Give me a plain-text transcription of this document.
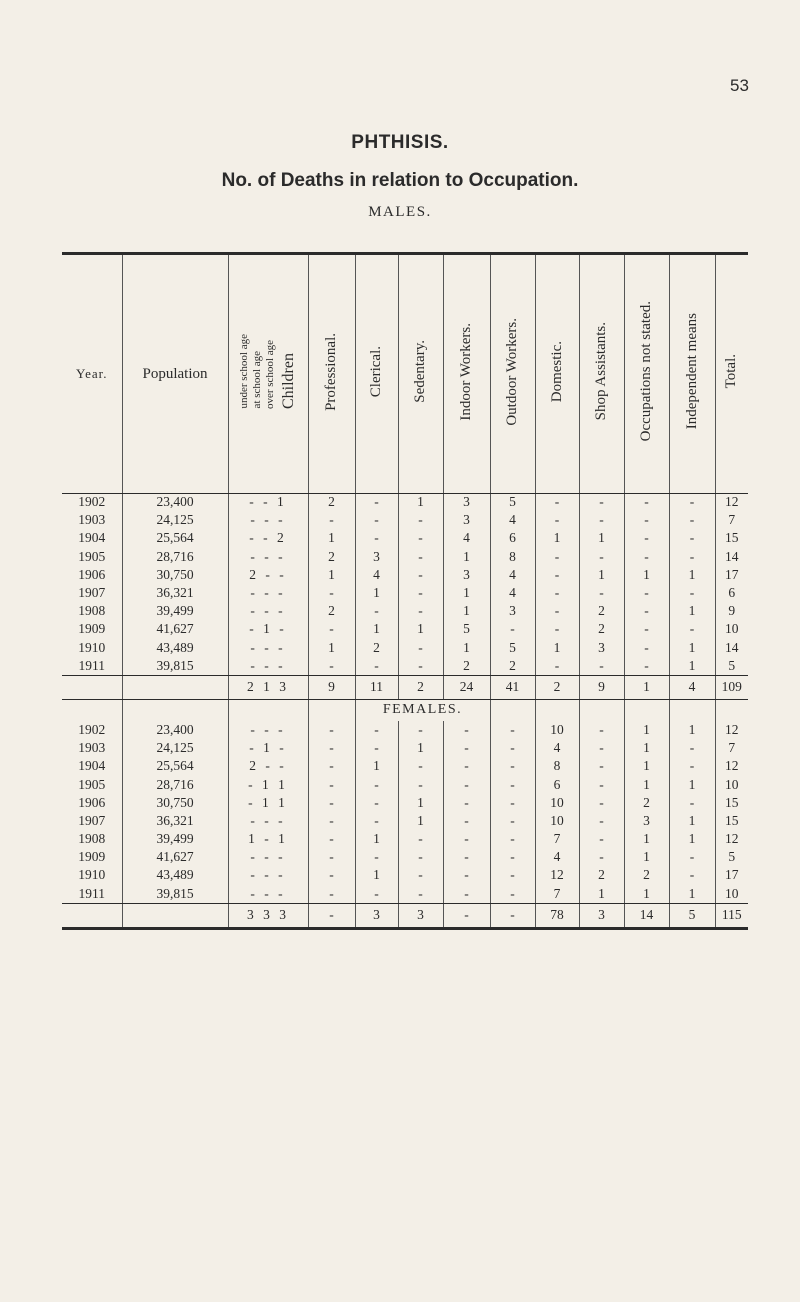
53
PHTHISIS.
No. of Deaths in relation to Occupation.
MALES.
Year.	Population	under school ageat school ageover school age Children	Professional.	Clerical.	Sedentary.	Indoor Workers.	Outdoor Workers.	Domestic.	Shop Assistants.	Occupations not stated.	Independent means	Total.
1902	23,400	- - 1	2	-	1	3	5	-	-	-	-	12
1903	24,125	- - -	-	-	-	3	4	-	-	-	-	7
1904	25,564	- - 2	1	-	-	4	6	1	1	-	-	15
1905	28,716	- - -	2	3	-	1	8	-	-	-	-	14
1906	30,750	2 - -	1	4	-	3	4	-	1	1	1	17
1907	36,321	- - -	-	1	-	1	4	-	-	-	-	6
1908	39,499	- - -	2	-	-	1	3	-	2	-	1	9
1909	41,627	- 1 -	-	1	1	5	-	-	2	-	-	10
1910	43,489	- - -	1	2	-	1	5	1	3	-	1	14
1911	39,815	- - -	-	-	-	2	2	-	-	-	1	5
		2 1 3	9	11	2	24	41	2	9	1	4	109
				FEMALES.								
1902	23,400	- - -	-	-	-	-	-	10	-	1	1	12
1903	24,125	- 1 -	-	-	1	-	-	4	-	1	-	7
1904	25,564	2 - -	-	1	-	-	-	8	-	1	-	12
1905	28,716	- 1 1	-	-	-	-	-	6	-	1	1	10
1906	30,750	- 1 1	-	-	1	-	-	10	-	2	-	15
1907	36,321	- - -	-	-	1	-	-	10	-	3	1	15
1908	39,499	1 - 1	-	1	-	-	-	7	-	1	1	12
1909	41,627	- - -	-	-	-	-	-	4	-	1	-	5
1910	43,489	- - -	-	1	-	-	-	12	2	2	-	17
1911	39,815	- - -	-	-	-	-	-	7	1	1	1	10
		3 3 3	-	3	3	-	-	78	3	14	5	115
